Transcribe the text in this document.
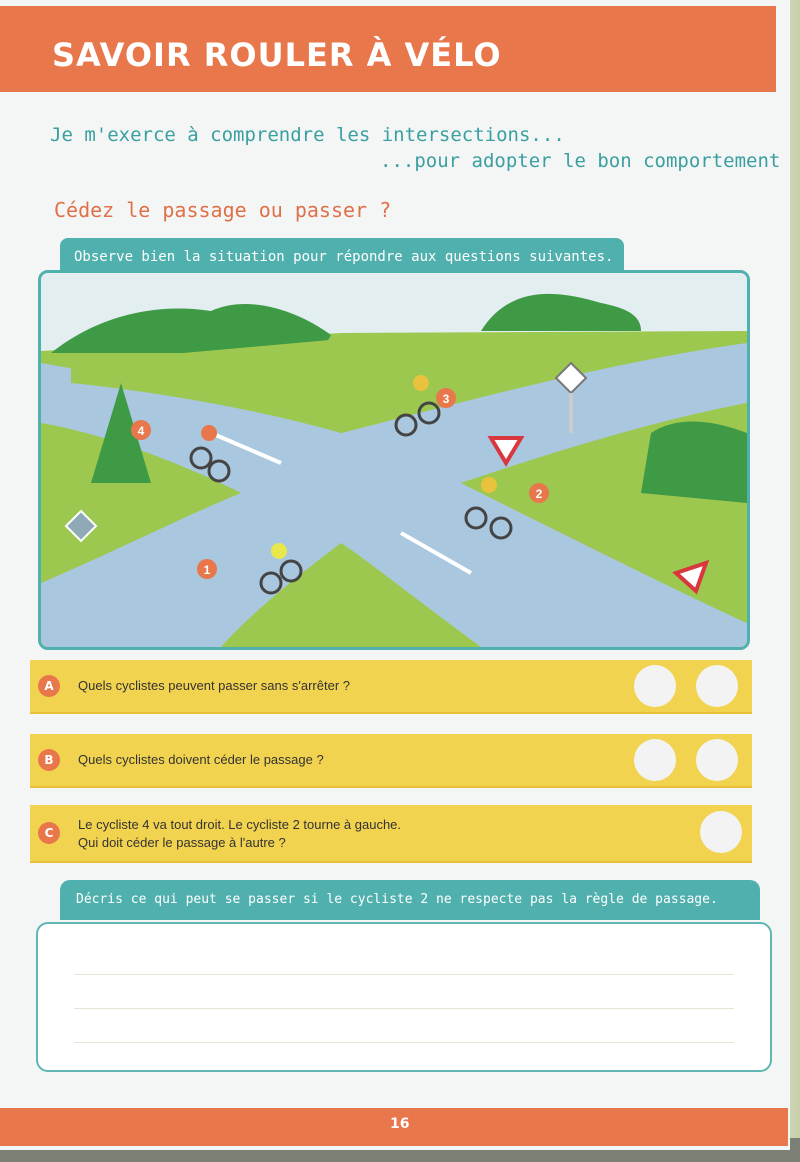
SAVOIR ROULER À VÉLO
Je m'exerce à comprendre les intersections...
...pour adopter le bon comportement
Cédez le passage ou passer ?
Observe bien la situation pour répondre aux questions suivantes.
4
3
2
1
A	Quels cyclistes peuvent passer sans s'arrêter ?
B	Quels cyclistes doivent céder le passage ?
C
Le cycliste 4 va tout droit. Le cycliste 2 tourne à gauche.
Qui doit céder le passage à l'autre ?
Décris ce qui peut se passer si le cycliste 2 ne respecte pas la règle de passage.
16
